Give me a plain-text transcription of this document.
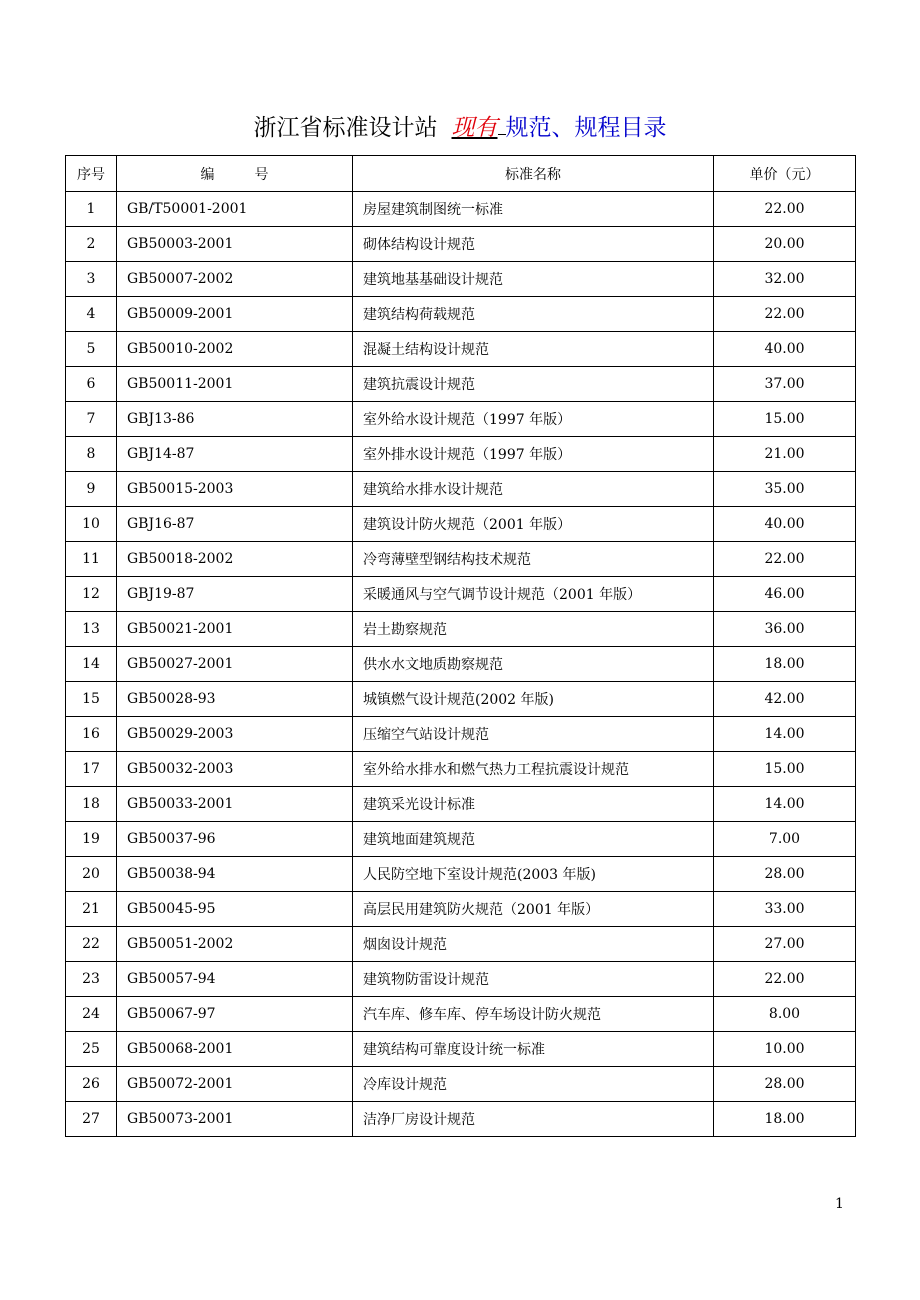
浙江省标准设计站 现有 规范、规程目录
序号	编号	标准名称	单价（元）
1	GB/T50001-2001	房屋建筑制图统一标准	22.00
2	GB50003-2001	砌体结构设计规范	20.00
3	GB50007-2002	建筑地基基础设计规范	32.00
4	GB50009-2001	建筑结构荷载规范	22.00
5	GB50010-2002	混凝土结构设计规范	40.00
6	GB50011-2001	建筑抗震设计规范	37.00
7	GBJ13-86	室外给水设计规范（1997 年版）	15.00
8	GBJ14-87	室外排水设计规范（1997 年版）	21.00
9	GB50015-2003	建筑给水排水设计规范	35.00
10	GBJ16-87	建筑设计防火规范（2001 年版）	40.00
11	GB50018-2002	冷弯薄壁型钢结构技术规范	22.00
12	GBJ19-87	采暖通风与空气调节设计规范（2001 年版）	46.00
13	GB50021-2001	岩土勘察规范	36.00
14	GB50027-2001	供水水文地质勘察规范	18.00
15	GB50028-93	城镇燃气设计规范(2002 年版)	42.00
16	GB50029-2003	压缩空气站设计规范	14.00
17	GB50032-2003	室外给水排水和燃气热力工程抗震设计规范	15.00
18	GB50033-2001	建筑采光设计标准	14.00
19	GB50037-96	建筑地面建筑规范	7.00
20	GB50038-94	人民防空地下室设计规范(2003 年版)	28.00
21	GB50045-95	高层民用建筑防火规范（2001 年版）	33.00
22	GB50051-2002	烟囱设计规范	27.00
23	GB50057-94	建筑物防雷设计规范	22.00
24	GB50067-97	汽车库、修车库、停车场设计防火规范	8.00
25	GB50068-2001	建筑结构可靠度设计统一标准	10.00
26	GB50072-2001	冷库设计规范	28.00
27	GB50073-2001	洁净厂房设计规范	18.00
1
